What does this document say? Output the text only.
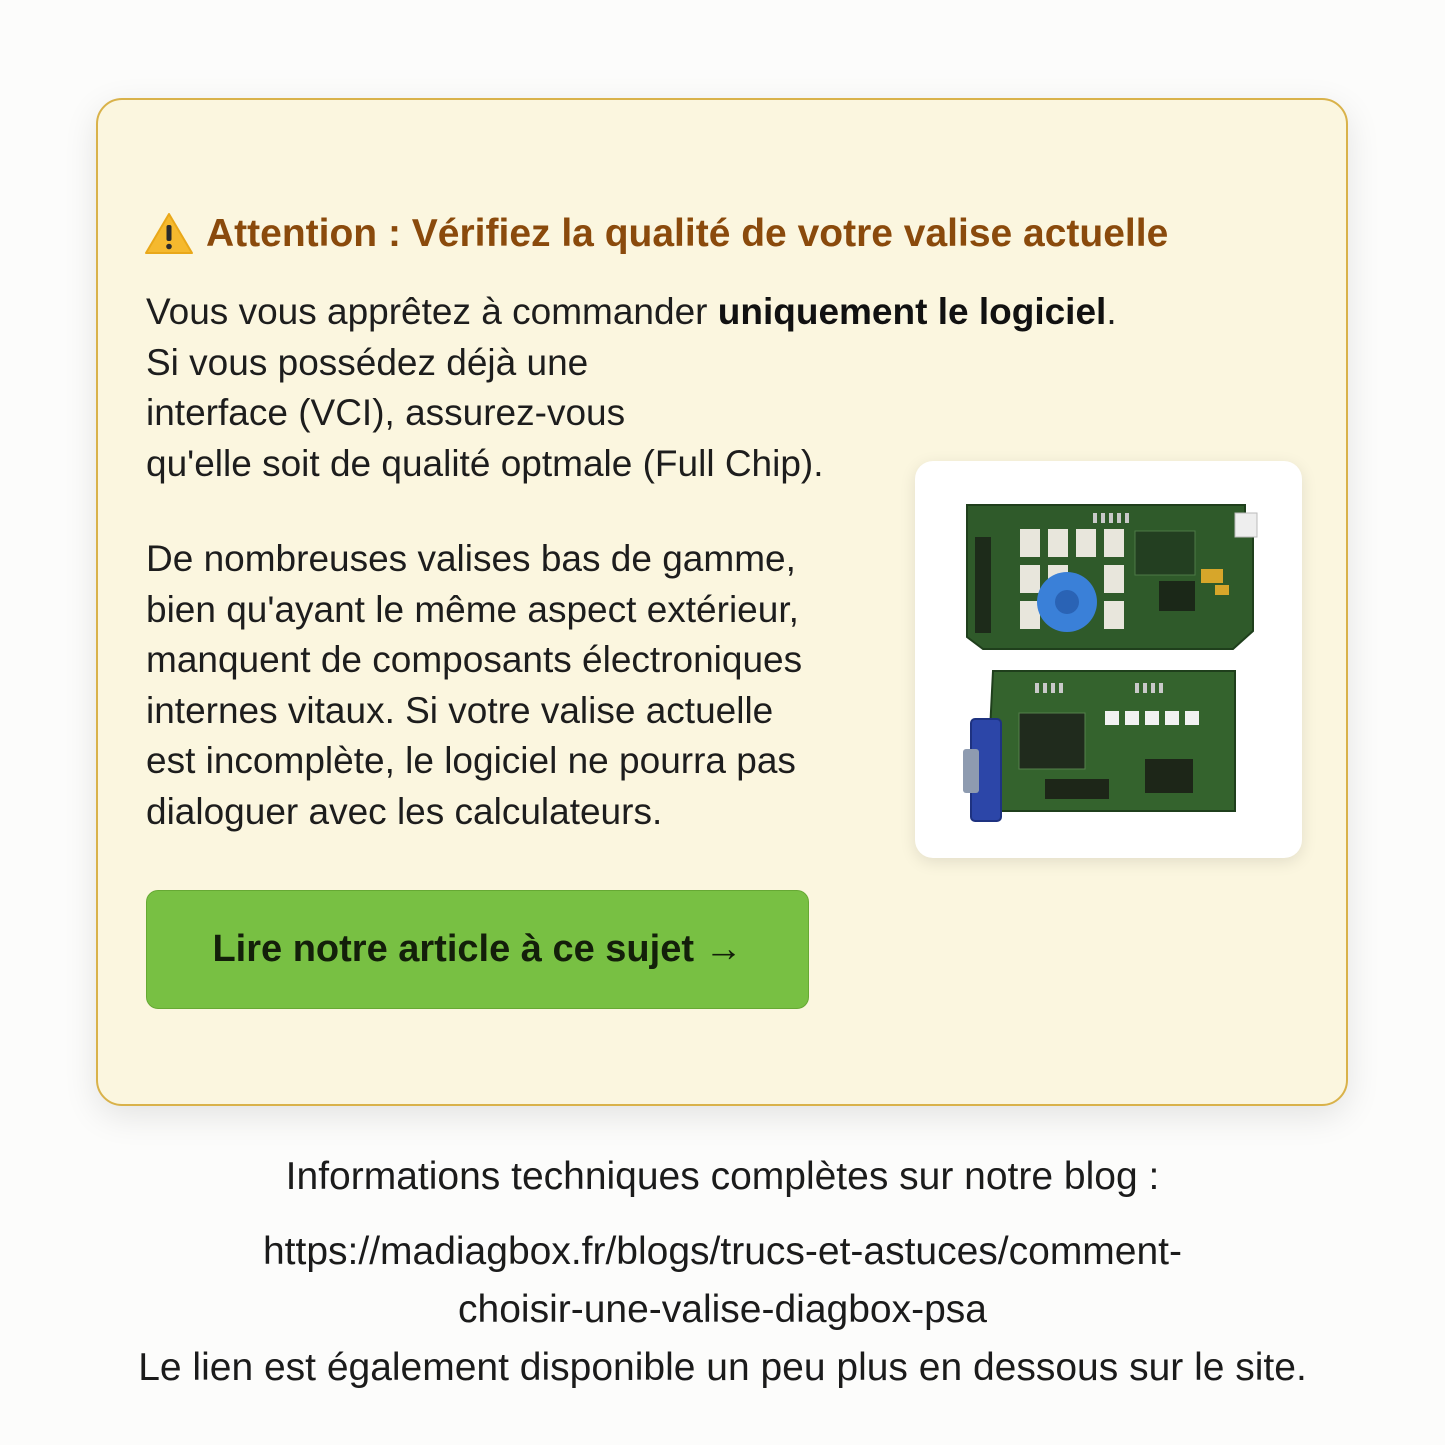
Attention : Vérifiez la qualité de votre valise actuelle

Vous vous apprêtez à commander uniquement le logiciel.
Si vous possédez déjà une
interface (VCI), assurez-vous
qu'elle soit de qualité optmale (Full Chip).

De nombreuses valises bas de gamme,
bien qu'ayant le même aspect extérieur,
manquent de composants électroniques
internes vitaux. Si votre valise actuelle
est incomplète, le logiciel ne pourra pas
dialoguer avec les calculateurs.

Lire notre article à ce sujet →
Informations techniques complètes sur notre blog :
https://madiagbox.fr/blogs/trucs-et-astuces/comment-
choisir-une-valise-diagbox-psa
Le lien est également disponible un peu plus en dessous sur le site.
